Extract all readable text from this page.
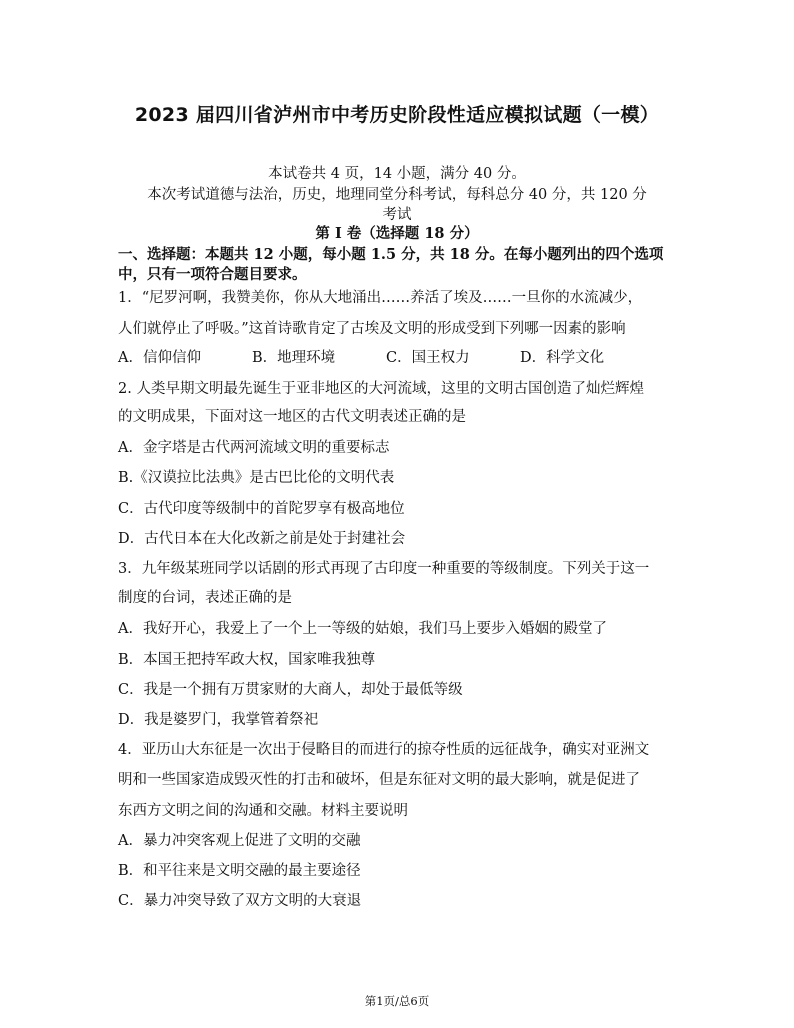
2023 届四川省泸州市中考历史阶段性适应模拟试题（一模）
本试卷共 4 页，14 小题，满分 40 分。
本次考试道德与法治，历史，地理同堂分科考试，每科总分 40 分，共 120 分
考试
第 I 卷（选择题 18 分）
一、选择题：本题共 12 小题，每小题 1.5 分，共 18 分。在每小题列出的四个选项
中，只有一项符合题目要求。
1．“尼罗河啊，我赞美你，你从大地涌出……养活了埃及……一旦你的水流减少，
人们就停止了呼吸。”这首诗歌肯定了古埃及文明的形成受到下列哪一因素的影响
A．信仰信仰	B．地理环境	C．国王权力	D．科学文化
2. 人类早期文明最先诞生于亚非地区的大河流域，这里的文明古国创造了灿烂辉煌
的文明成果，下面对这一地区的古代文明表述正确的是
A．金字塔是古代两河流域文明的重要标志
B.《汉谟拉比法典》是古巴比伦的文明代表
C．古代印度等级制中的首陀罗享有极高地位
D．古代日本在大化改新之前是处于封建社会
3．九年级某班同学以话剧的形式再现了古印度一种重要的等级制度。下列关于这一
制度的台词，表述正确的是
A．我好开心，我爱上了一个上一等级的姑娘，我们马上要步入婚姻的殿堂了
B．本国王把持军政大权，国家唯我独尊
C．我是一个拥有万贯家财的大商人，却处于最低等级
D．我是婆罗门，我掌管着祭祀
4．亚历山大东征是一次出于侵略目的而进行的掠夺性质的远征战争，确实对亚洲文
明和一些国家造成毁灭性的打击和破坏，但是东征对文明的最大影响，就是促进了
东西方文明之间的沟通和交融。材料主要说明
A．暴力冲突客观上促进了文明的交融
B．和平往来是文明交融的最主要途径
C．暴力冲突导致了双方文明的大衰退
第1页/总6页
